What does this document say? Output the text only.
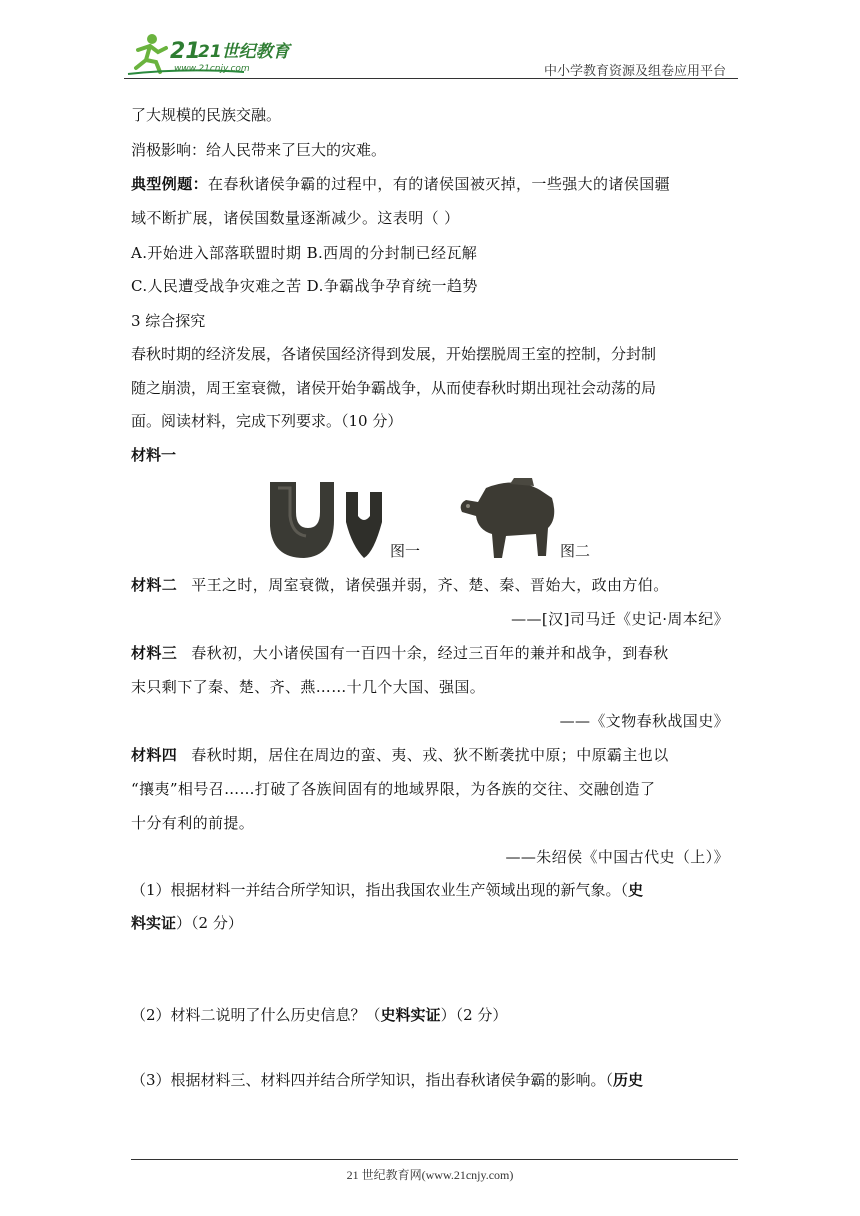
21
21世纪教育
www.21cnjy.com	中小学教育资源及组卷应用平台
了大规模的民族交融。
消极影响：给人民带来了巨大的灾难。
典型例题：在春秋诸侯争霸的过程中，有的诸侯国被灭掉，一些强大的诸侯国疆
域不断扩展，诸侯国数量逐渐减少。这表明（ ）
A.开始进入部落联盟时期 B.西周的分封制已经瓦解
C.人民遭受战争灾难之苦 D.争霸战争孕育统一趋势
3 综合探究
春秋时期的经济发展，各诸侯国经济得到发展，开始摆脱周王室的控制，分封制
随之崩溃，周王室衰微，诸侯开始争霸战争，从而使春秋时期出现社会动荡的局
面。阅读材料，完成下列要求。（10 分）
材料一
图一	图二
材料二 平王之时，周室衰微，诸侯强并弱，齐、楚、秦、晋始大，政由方伯。
——[汉]司马迁《史记·周本纪》
材料三 春秋初，大小诸侯国有一百四十余，经过三百年的兼并和战争，到春秋
末只剩下了秦、楚、齐、燕……十几个大国、强国。
——《文物春秋战国史》
材料四 春秋时期，居住在周边的蛮、夷、戎、狄不断袭扰中原；中原霸主也以
“攘夷”相号召……打破了各族间固有的地域界限，为各族的交往、交融创造了
十分有利的前提。
——朱绍侯《中国古代史（上）》
（1）根据材料一并结合所学知识，指出我国农业生产领域出现的新气象。（史
料实证）（2 分）
（2）材料二说明了什么历史信息？（史料实证）（2 分）
（3）根据材料三、材料四并结合所学知识，指出春秋诸侯争霸的影响。（历史
21 世纪教育网(www.21cnjy.com)
